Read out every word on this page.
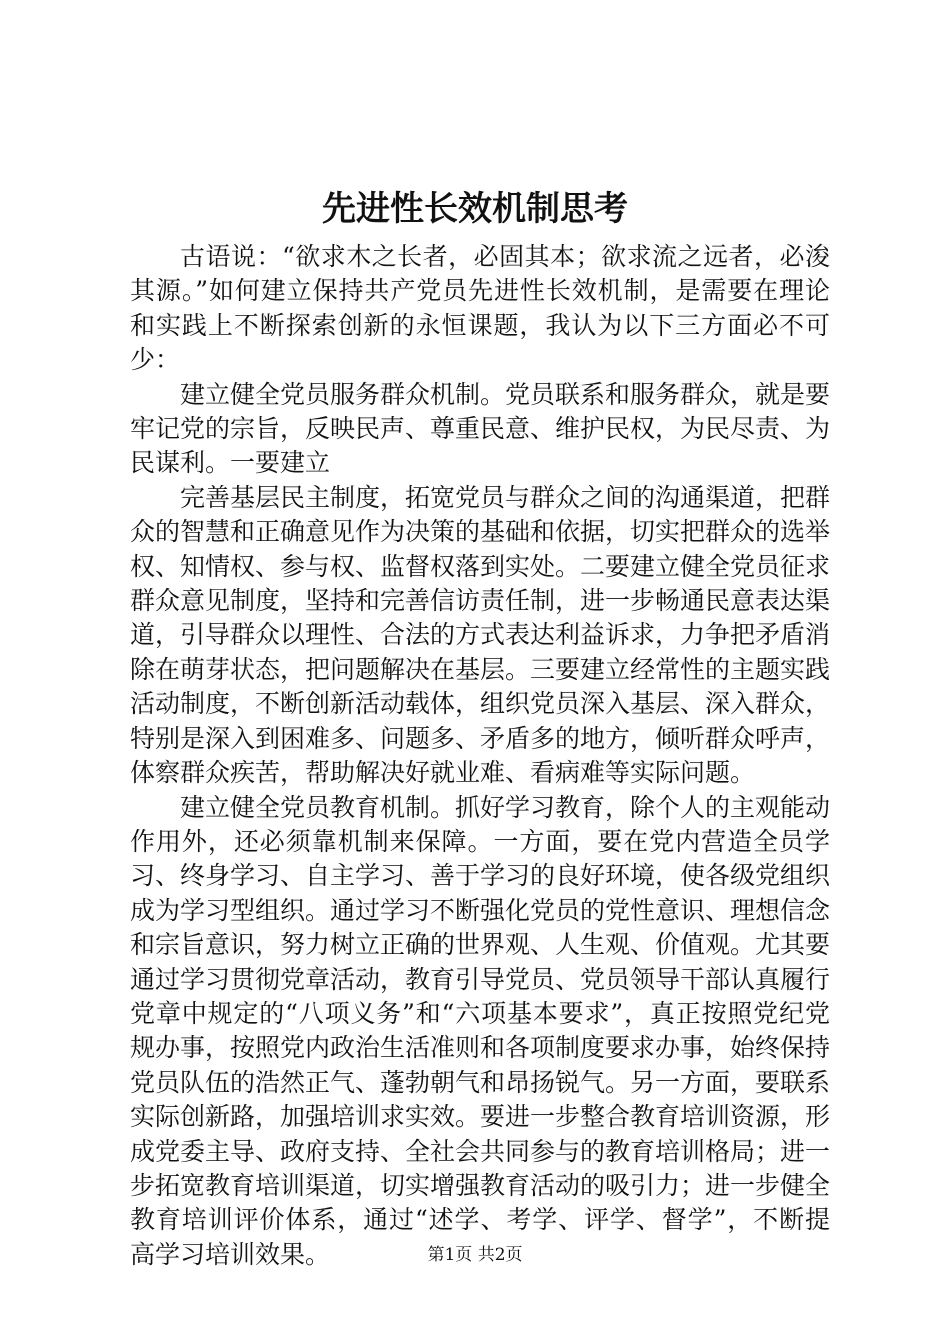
先进性长效机制思考

古语说：“欲求木之长者，必固其本；欲求流之远者，必浚其源。”如何建立保持共产党员先进性长效机制，是需要在理论和实践上不断探索创新的永恒课题，我认为以下三方面必不可少：

建立健全党员服务群众机制。党员联系和服务群众，就是要牢记党的宗旨，反映民声、尊重民意、维护民权，为民尽责、为民谋利。一要建立

完善基层民主制度，拓宽党员与群众之间的沟通渠道，把群众的智慧和正确意见作为决策的基础和依据，切实把群众的选举权、知情权、参与权、监督权落到实处。二要建立健全党员征求群众意见制度，坚持和完善信访责任制，进一步畅通民意表达渠道，引导群众以理性、合法的方式表达利益诉求，力争把矛盾消除在萌芽状态，把问题解决在基层。三要建立经常性的主题实践活动制度，不断创新活动载体，组织党员深入基层、深入群众，特别是深入到困难多、问题多、矛盾多的地方，倾听群众呼声，体察群众疾苦，帮助解决好就业难、看病难等实际问题。

建立健全党员教育机制。抓好学习教育，除个人的主观能动作用外，还必须靠机制来保障。一方面，要在党内营造全员学习、终身学习、自主学习、善于学习的良好环境，使各级党组织成为学习型组织。通过学习不断强化党员的党性意识、理想信念和宗旨意识，努力树立正确的世界观、人生观、价值观。尤其要通过学习贯彻党章活动，教育引导党员、党员领导干部认真履行党章中规定的“八项义务”和“六项基本要求”，真正按照党纪党规办事，按照党内政治生活准则和各项制度要求办事，始终保持党员队伍的浩然正气、蓬勃朝气和昂扬锐气。另一方面，要联系实际创新路，加强培训求实效。要进一步整合教育培训资源，形成党委主导、政府支持、全社会共同参与的教育培训格局；进一步拓宽教育培训渠道，切实增强教育活动的吸引力；进一步健全教育培训评价体系，通过“述学、考学、评学、督学”，不断提高学习培训效果。	第1页 共2页
